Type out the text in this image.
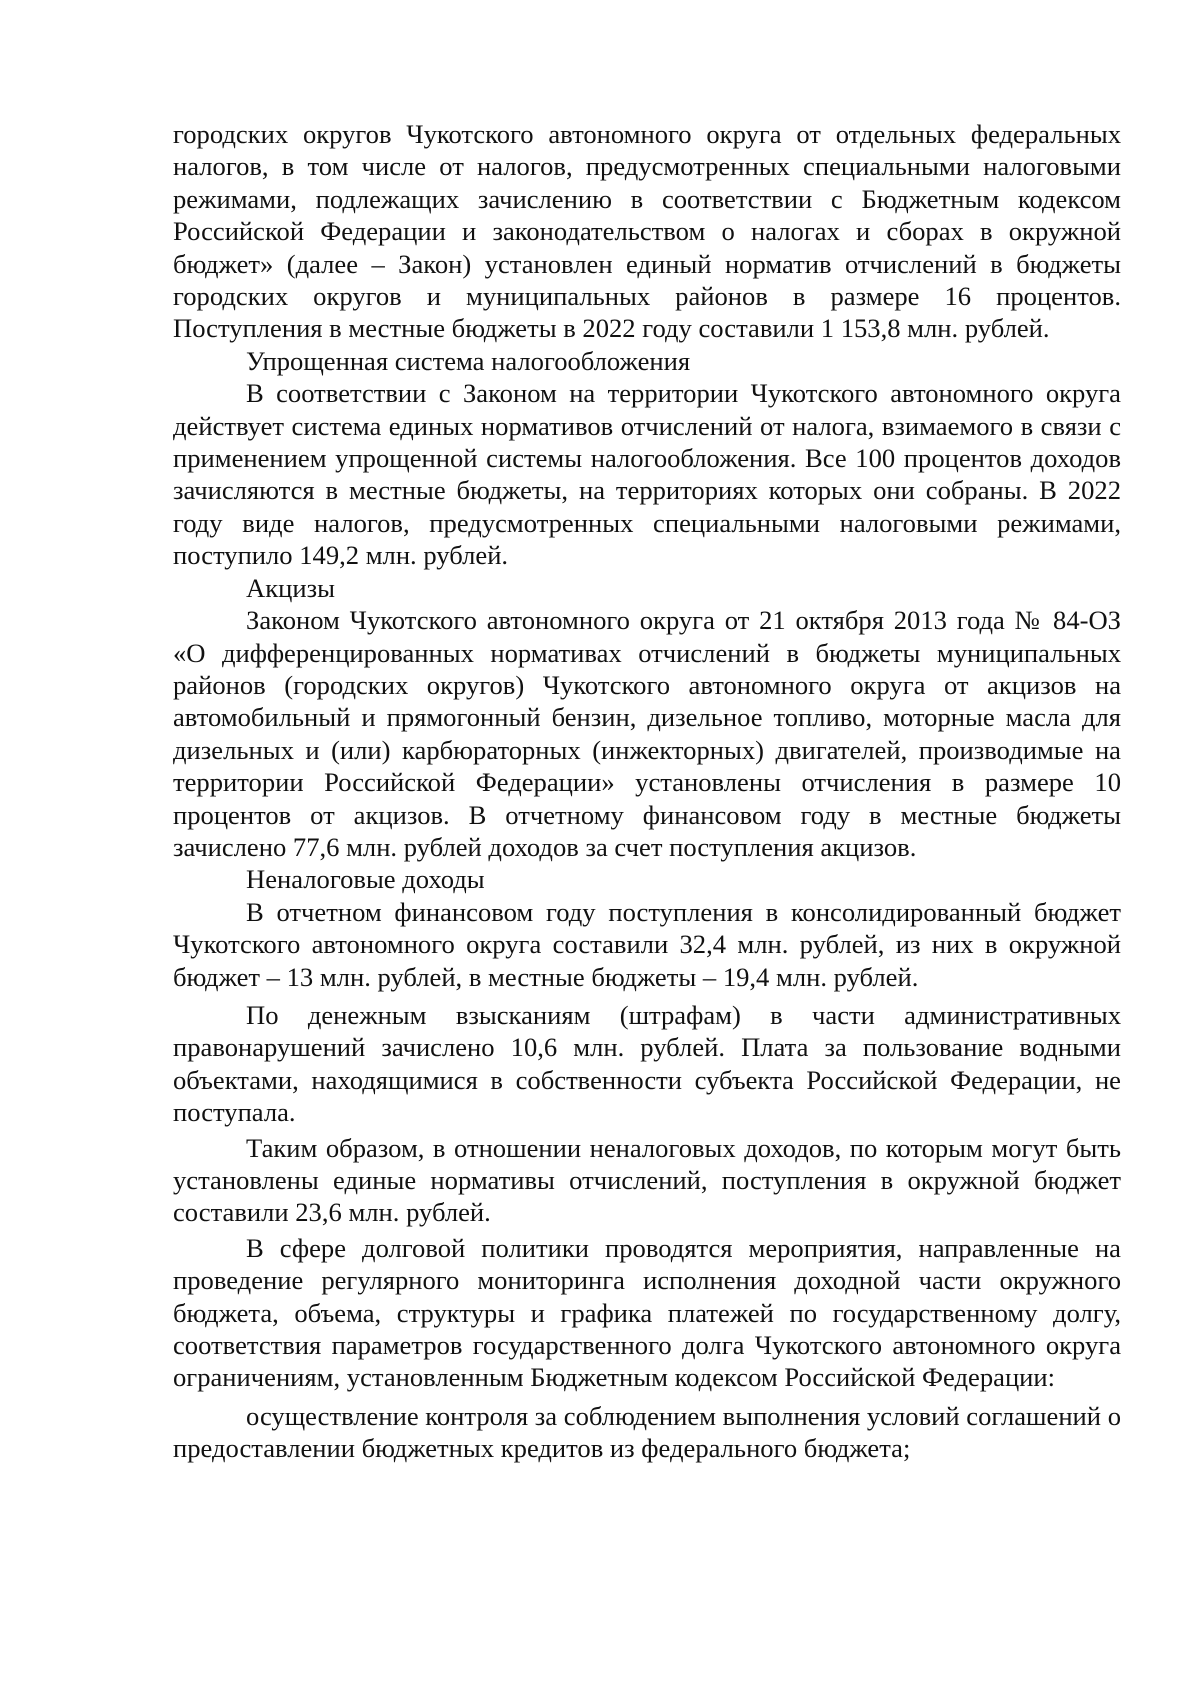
городских округов Чукотского автономного округа от отдельных федеральных налогов, в том числе от налогов, предусмотренных специальными налоговыми режимами, подлежащих зачислению в соответствии с Бюджетным кодексом Российской Федерации и законодательством о налогах и сборах в окружной бюджет» (далее – Закон) установлен единый норматив отчислений в бюджеты городских округов и муниципальных районов в размере 16 процентов. Поступления в местные бюджеты в 2022 году составили 1 153,8 млн. рублей.

Упрощенная система налогообложения

В соответствии с Законом на территории Чукотского автономного округа действует система единых нормативов отчислений от налога, взимаемого в связи с применением упрощенной системы налогообложения. Все 100 процентов доходов зачисляются в местные бюджеты, на территориях которых они собраны. В 2022 году виде налогов, предусмотренных специальными налоговыми режимами, поступило 149,2 млн. рублей.

Акцизы

Законом Чукотского автономного округа от 21 октября 2013 года № 84-ОЗ «О дифференцированных нормативах отчислений в бюджеты муниципальных районов (городских округов) Чукотского автономного округа от акцизов на автомобильный и прямогонный бензин, дизельное топливо, моторные масла для дизельных и (или) карбюраторных (инжекторных) двигателей, производимые на территории Российской Федерации» установлены отчисления в размере 10 процентов от акцизов. В отчетному финансовом году в местные бюджеты зачислено 77,6 млн. рублей доходов за счет поступления акцизов.

Неналоговые доходы

В отчетном финансовом году поступления в консолидированный бюджет Чукотского автономного округа составили 32,4 млн. рублей, из них в окружной бюджет – 13 млн. рублей, в местные бюджеты – 19,4 млн. рублей.

По денежным взысканиям (штрафам) в части административных правонарушений зачислено 10,6 млн. рублей. Плата за пользование водными объектами, находящимися в собственности субъекта Российской Федерации, не поступала.

Таким образом, в отношении неналоговых доходов, по которым могут быть установлены единые нормативы отчислений, поступления в окружной бюджет составили 23,6 млн. рублей.

В сфере долговой политики проводятся мероприятия, направленные на проведение регулярного мониторинга исполнения доходной части окружного бюджета, объема, структуры и графика платежей по государственному долгу, соответствия параметров государственного долга Чукотского автономного округа ограничениям, установленным Бюджетным кодексом Российской Федерации:

осуществление контроля за соблюдением выполнения условий соглашений о предоставлении бюджетных кредитов из федерального бюджета;
